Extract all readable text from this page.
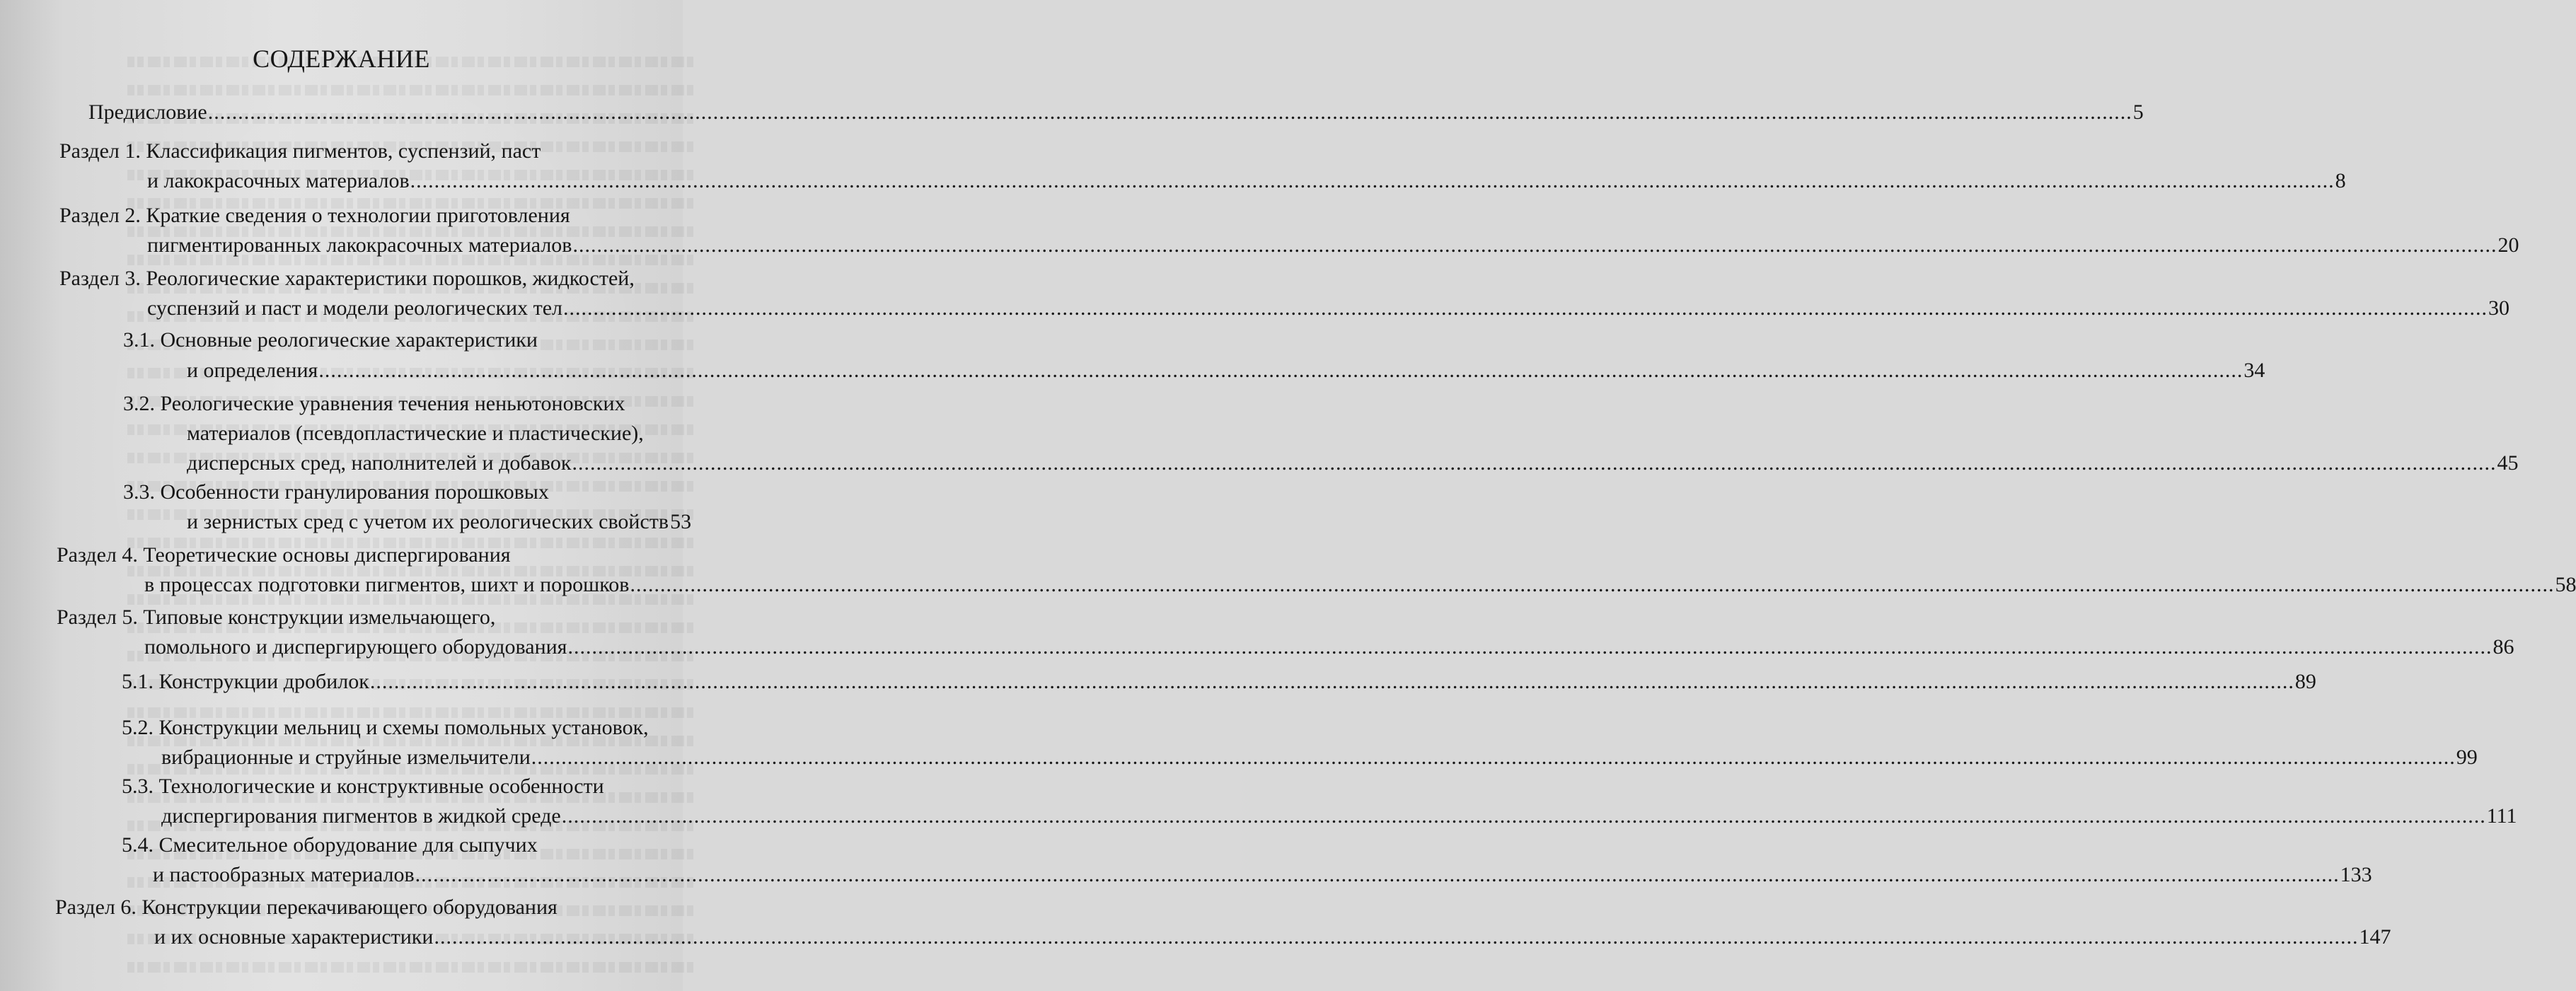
СОДЕРЖАНИЕ
Предисловие .....	5
Раздел 1. Классификация пигментов, суспензий, паст
и лакокрасочных материалов .....	8
Раздел 2. Краткие сведения о технологии приготовления
пигментированных лакокрасочных материалов .....	20
Раздел 3. Реологические характеристики порошков, жидкостей,
суспензий и паст и модели реологических тел .....	30
3.1. Основные реологические характеристики
и определения .....	34
3.2. Реологические уравнения течения неньютоновских
материалов (псевдопластические и пластические),
дисперсных сред, наполнителей и добавок .....	45
3.3. Особенности гранулирования порошковых
и зернистых сред с учетом их реологических свойств 53
Раздел 4. Теоретические основы диспергирования
в процессах подготовки пигментов, шихт и порошков .....	58
Раздел 5. Типовые конструкции измельчающего,
помольного и диспергирующего оборудования .....	86
5.1. Конструкции дробилок .....	89
5.2. Конструкции мельниц и схемы помольных установок,
вибрационные и струйные измельчители .....	99
5.3. Технологические и конструктивные особенности
диспергирования пигментов в жидкой среде .....	111
5.4. Смесительное оборудование для сыпучих
и пастообразных материалов .....	133
Раздел 6. Конструкции перекачивающего оборудования
и их основные характеристики .....	147
